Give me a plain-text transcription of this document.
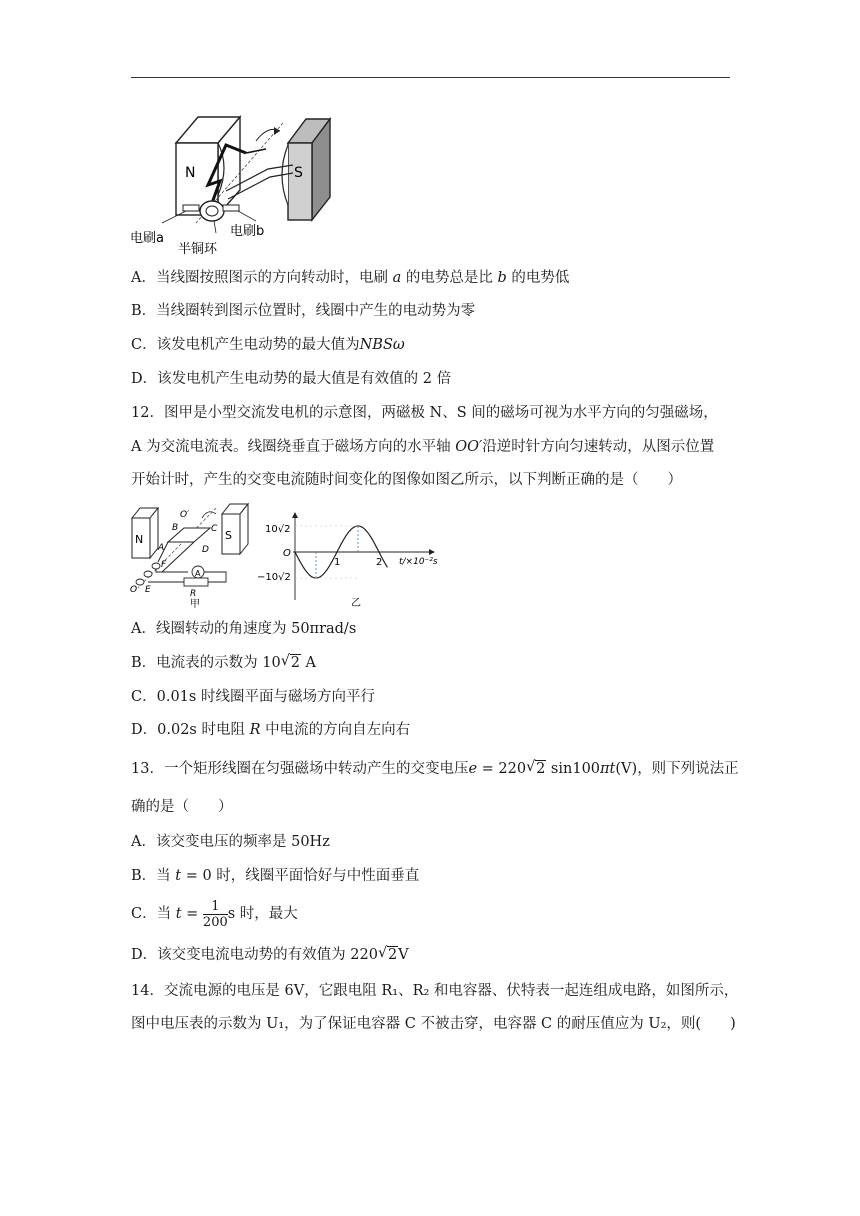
N	S
电刷a
半铜环
电刷b
A．当线圈按照图示的方向转动时，电刷 a 的电势总是比 b 的电势低
B．当线圈转到图示位置时，线圈中产生的电动势为零
C．该发电机产生电动势的最大值为NBSω
D．该发电机产生电动势的最大值是有效值的 2 倍
12．图甲是小型交流发电机的示意图，两磁极 N、S 间的磁场可视为水平方向的匀强磁场，
A 为交流电流表。线圈绕垂直于磁场方向的水平轴 OO′沿逆时针方向匀速转动，从图示位置
开始计时，产生的交变电流随时间变化的图像如图乙所示，以下判断正确的是（　　）
N	S
A
O′
B	C
A	D
F
O E	R
甲
10√2
−10√2
O
1	2 t/×10⁻²s
乙
A．线圈转动的角速度为 50πrad/s
B．电流表的示数为 10 √ 2 A
C．0.01s 时线圈平面与磁场方向平行
D．0.02s 时电阻 R 中电流的方向自左向右
13．一个矩形线圈在匀强磁场中转动产生的交变电压e = 220 √ 2 sin100πt(V)，则下列说法正
确的是（　　）
A．该交变电压的频率是 50Hz
B．当 t = 0 时，线圈平面恰好与中性面垂直
C．当 $t = \frac{1}{200}$ s 时，最大
D．该交变电流电动势的有效值为 220 √ 2V
14．交流电源的电压是 6V，它跟电阻 R₁、R₂ 和电容器、伏特表一起连组成电路，如图所示，
图中电压表的示数为 U₁，为了保证电容器 C 不被击穿，电容器 C 的耐压值应为 U₂，则(　　)
